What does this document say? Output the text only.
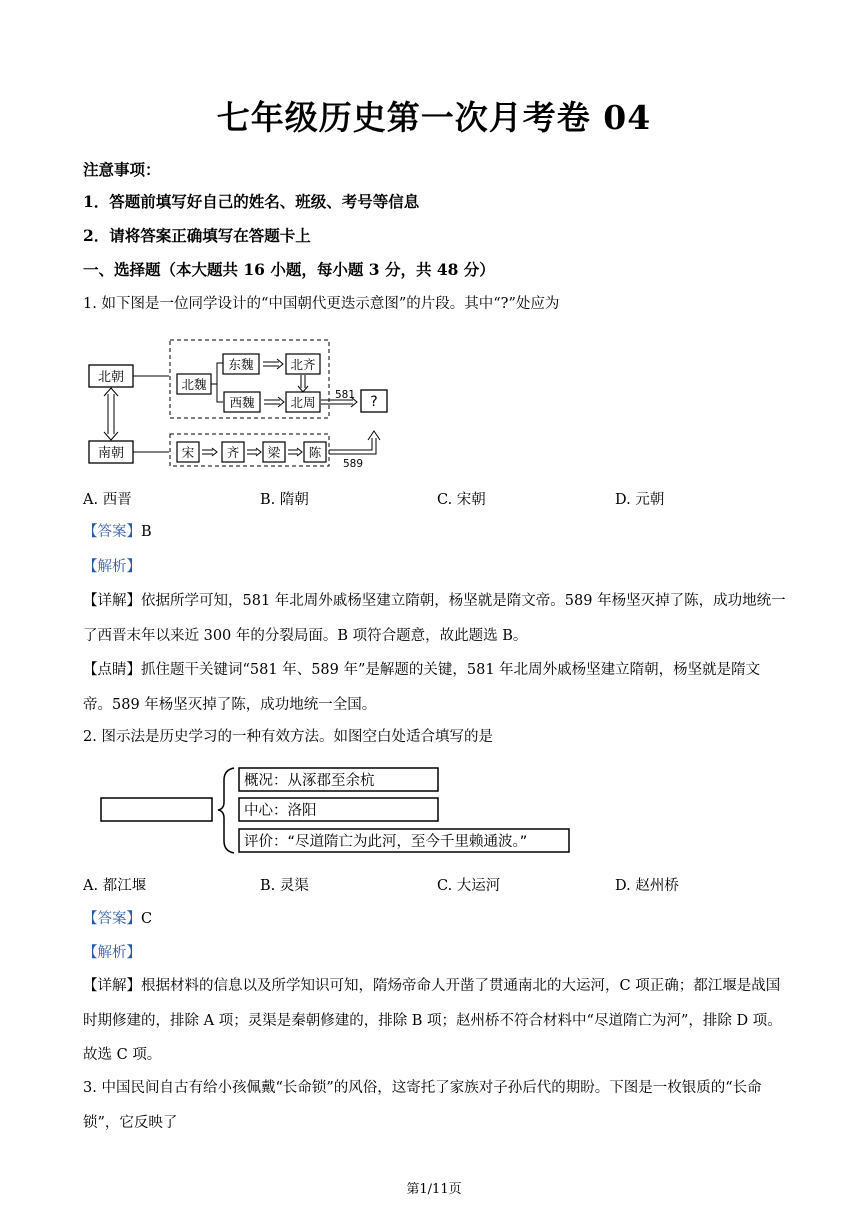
七年级历史第一次月考卷 04
注意事项：
1．答题前填写好自己的姓名、班级、考号等信息
2．请将答案正确填写在答题卡上
一、选择题（本大题共 16 小题，每小题 3 分，共 48 分）
1. 如下图是一位同学设计的“中国朝代更迭示意图”的片段。其中“?”处应为
北朝
南朝
北魏
东魏
西魏
北齐
北周 581 ?
宋	齐 梁 陈
589
A. 西晋	B. 隋朝	C. 宋朝	D. 元朝
【答案】B
【解析】
【详解】依据所学可知，581 年北周外戚杨坚建立隋朝，杨坚就是隋文帝。589 年杨坚灭掉了陈，成功地统一了西晋末年以来近 300 年的分裂局面。B 项符合题意，故此题选 B。
【点睛】抓住题干关键词“581 年、589 年”是解题的关键，581 年北周外戚杨坚建立隋朝，杨坚就是隋文帝。589 年杨坚灭掉了陈，成功地统一全国。
2. 图示法是历史学习的一种有效方法。如图空白处适合填写的是
概况：从涿郡至余杭
中心：洛阳
评价：“尽道隋亡为此河，至今千里赖通波。”
A. 都江堰	B. 灵渠	C. 大运河	D. 赵州桥
【答案】C
【解析】
【详解】根据材料的信息以及所学知识可知，隋炀帝命人开凿了贯通南北的大运河，C 项正确；都江堰是战国时期修建的，排除 A 项；灵渠是秦朝修建的，排除 B 项；赵州桥不符合材料中“尽道隋亡为河”，排除 D 项。故选 C 项。
3. 中国民间自古有给小孩佩戴“长命锁”的风俗，这寄托了家族对子孙后代的期盼。下图是一枚银质的“长命锁”，它反映了
第1/11页
